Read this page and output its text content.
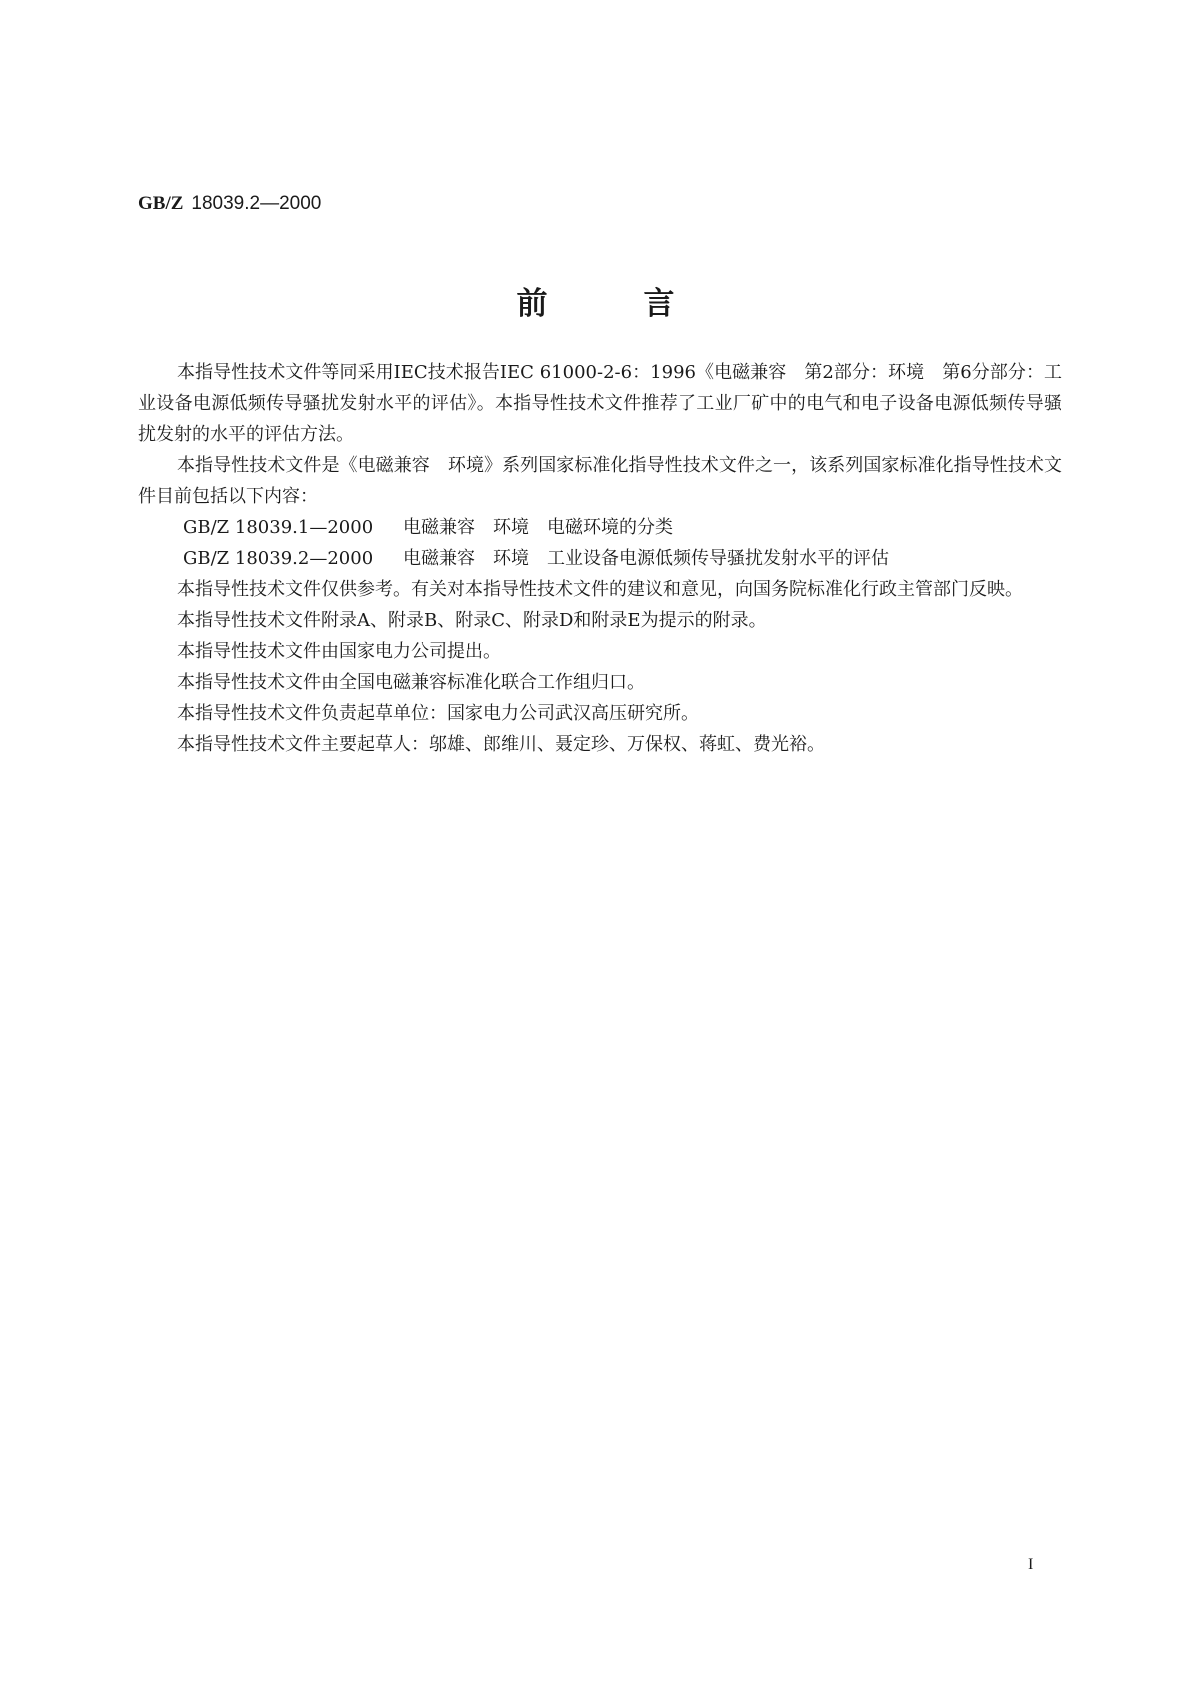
GB/Z 18039.2—2000
前	言

本指导性技术文件等同采用IEC技术报告IEC 61000-2-6：1996《电磁兼容　第2部分：环境　第6分部分：工业设备电源低频传导骚扰发射水平的评估》。本指导性技术文件推荐了工业厂矿中的电气和电子设备电源低频传导骚扰发射的水平的评估方法。

本指导性技术文件是《电磁兼容　环境》系列国家标准化指导性技术文件之一，该系列国家标准化指导性技术文件目前包括以下内容：

GB/Z 18039.1—2000 电磁兼容 环境 电磁环境的分类
GB/Z 18039.2—2000 电磁兼容 环境 工业设备电源低频传导骚扰发射水平的评估

本指导性技术文件仅供参考。有关对本指导性技术文件的建议和意见，向国务院标准化行政主管部门反映。

本指导性技术文件附录A、附录B、附录C、附录D和附录E为提示的附录。

本指导性技术文件由国家电力公司提出。

本指导性技术文件由全国电磁兼容标准化联合工作组归口。

本指导性技术文件负责起草单位：国家电力公司武汉高压研究所。

本指导性技术文件主要起草人：邬雄、郎维川、聂定珍、万保权、蒋虹、费光裕。

I
